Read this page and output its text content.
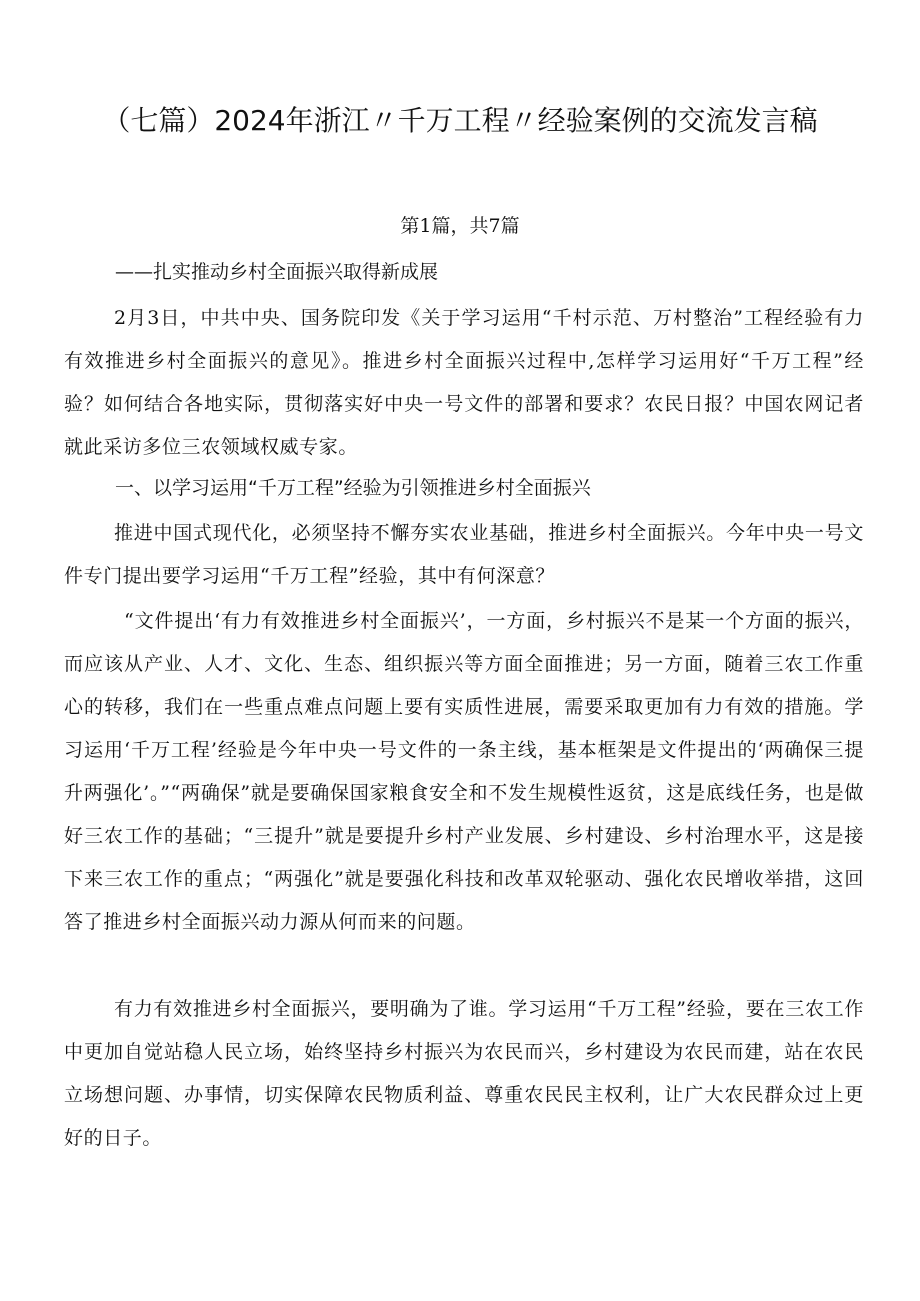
（七篇）2024年浙江〃千万工程〃经验案例的交流发言稿
第1篇，共7篇
——扎实推动乡村全面振兴取得新成展
2月3日，中共中央、国务院印发《关于学习运用“千村示范、万村整治”工程经验有力有效推进乡村全面振兴的意见》。推进乡村全面振兴过程中,怎样学习运用好“千万工程”经验？如何结合各地实际，贯彻落实好中央一号文件的部署和要求？农民日报？中国农网记者就此采访多位三农领域权威专家。
一、以学习运用“千万工程”经验为引领推进乡村全面振兴
推进中国式现代化，必须坚持不懈夯实农业基础，推进乡村全面振兴。今年中央一号文件专门提出要学习运用“千万工程”经验，其中有何深意？
“文件提出‘有力有效推进乡村全面振兴’，一方面，乡村振兴不是某一个方面的振兴，而应该从产业、人才、文化、生态、组织振兴等方面全面推进；另一方面，随着三农工作重心的转移，我们在一些重点难点问题上要有实质性进展，需要采取更加有力有效的措施。学习运用‘千万工程’经验是今年中央一号文件的一条主线，基本框架是文件提出的‘两确保三提升两强化’。”“两确保”就是要确保国家粮食安全和不发生规模性返贫，这是底线任务，也是做好三农工作的基础；“三提升”就是要提升乡村产业发展、乡村建设、乡村治理水平，这是接下来三农工作的重点；“两强化”就是要强化科技和改革双轮驱动、强化农民增收举措，这回答了推进乡村全面振兴动力源从何而来的问题。
有力有效推进乡村全面振兴，要明确为了谁。学习运用“千万工程”经验，要在三农工作中更加自觉站稳人民立场，始终坚持乡村振兴为农民而兴，乡村建设为农民而建，站在农民立场想问题、办事情，切实保障农民物质利益、尊重农民民主权利，让广大农民群众过上更好的日子。
